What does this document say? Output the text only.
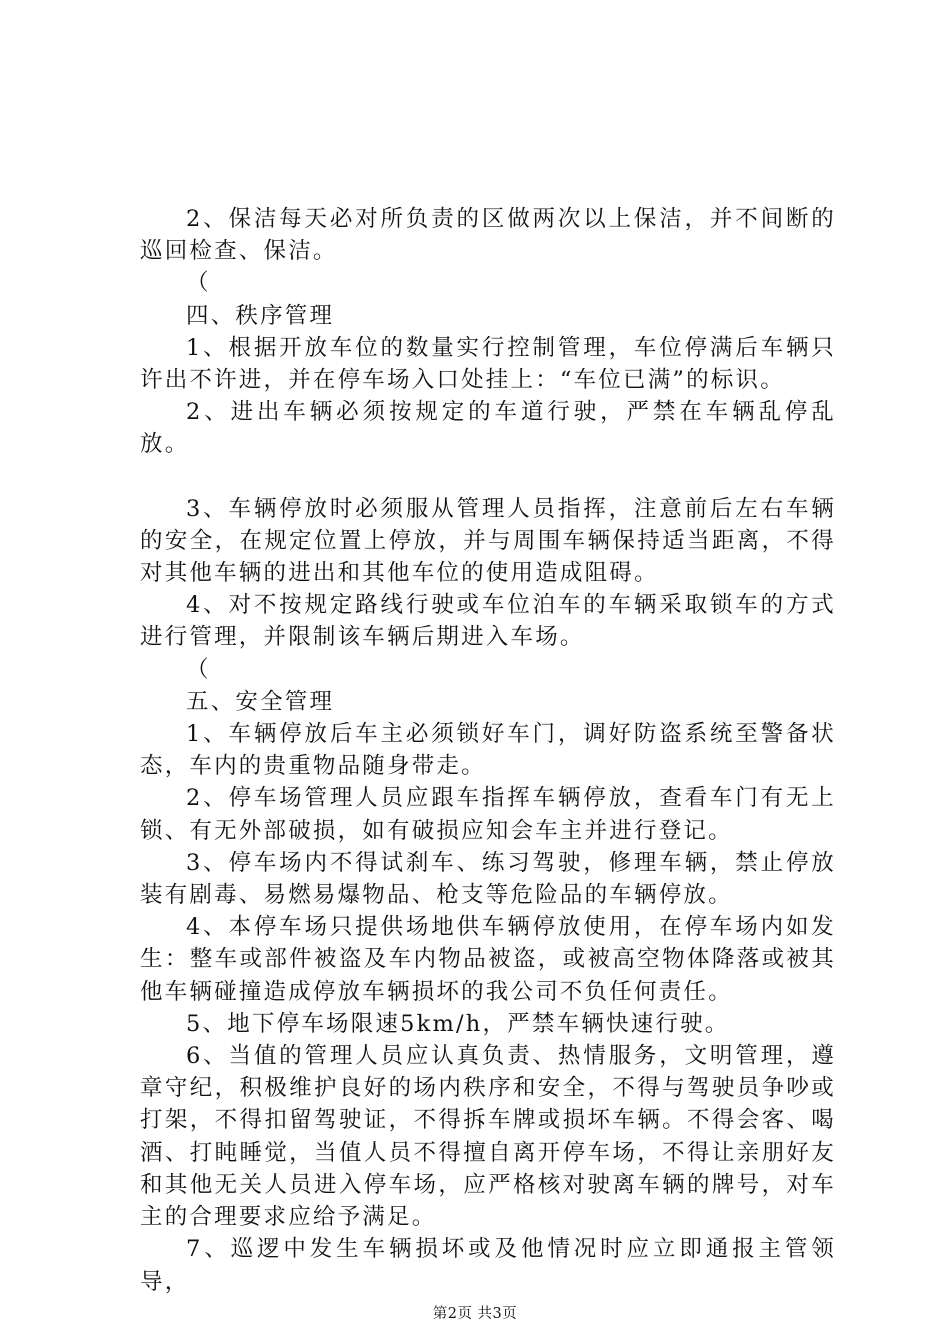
2、保洁每天必对所负责的区做两次以上保洁，并不间断的巡回检查、保洁。

（

四、秩序管理

1、根据开放车位的数量实行控制管理，车位停满后车辆只许出不许进，并在停车场入口处挂上：“车位已满”的标识。

2、进出车辆必须按规定的车道行驶，严禁在车辆乱停乱放。

3、车辆停放时必须服从管理人员指挥，注意前后左右车辆的安全，在规定位置上停放，并与周围车辆保持适当距离，不得对其他车辆的进出和其他车位的使用造成阻碍。

4、对不按规定路线行驶或车位泊车的车辆采取锁车的方式进行管理，并限制该车辆后期进入车场。

（

五、安全管理

1、车辆停放后车主必须锁好车门，调好防盗系统至警备状态，车内的贵重物品随身带走。

2、停车场管理人员应跟车指挥车辆停放，查看车门有无上锁、有无外部破损，如有破损应知会车主并进行登记。

3、停车场内不得试刹车、练习驾驶，修理车辆，禁止停放装有剧毒、易燃易爆物品、枪支等危险品的车辆停放。

4、本停车场只提供场地供车辆停放使用，在停车场内如发生：整车或部件被盗及车内物品被盗，或被高空物体降落或被其他车辆碰撞造成停放车辆损坏的我公司不负任何责任。

5、地下停车场限速5km/h，严禁车辆快速行驶。

6、当值的管理人员应认真负责、热情服务，文明管理，遵章守纪，积极维护良好的场内秩序和安全，不得与驾驶员争吵或打架，不得扣留驾驶证，不得拆车牌或损坏车辆。不得会客、喝酒、打盹睡觉，当值人员不得擅自离开停车场，不得让亲朋好友和其他无关人员进入停车场，应严格核对驶离车辆的牌号，对车主的合理要求应给予满足。

7、巡逻中发生车辆损坏或及他情况时应立即通报主管领导，

第2页 共3页
